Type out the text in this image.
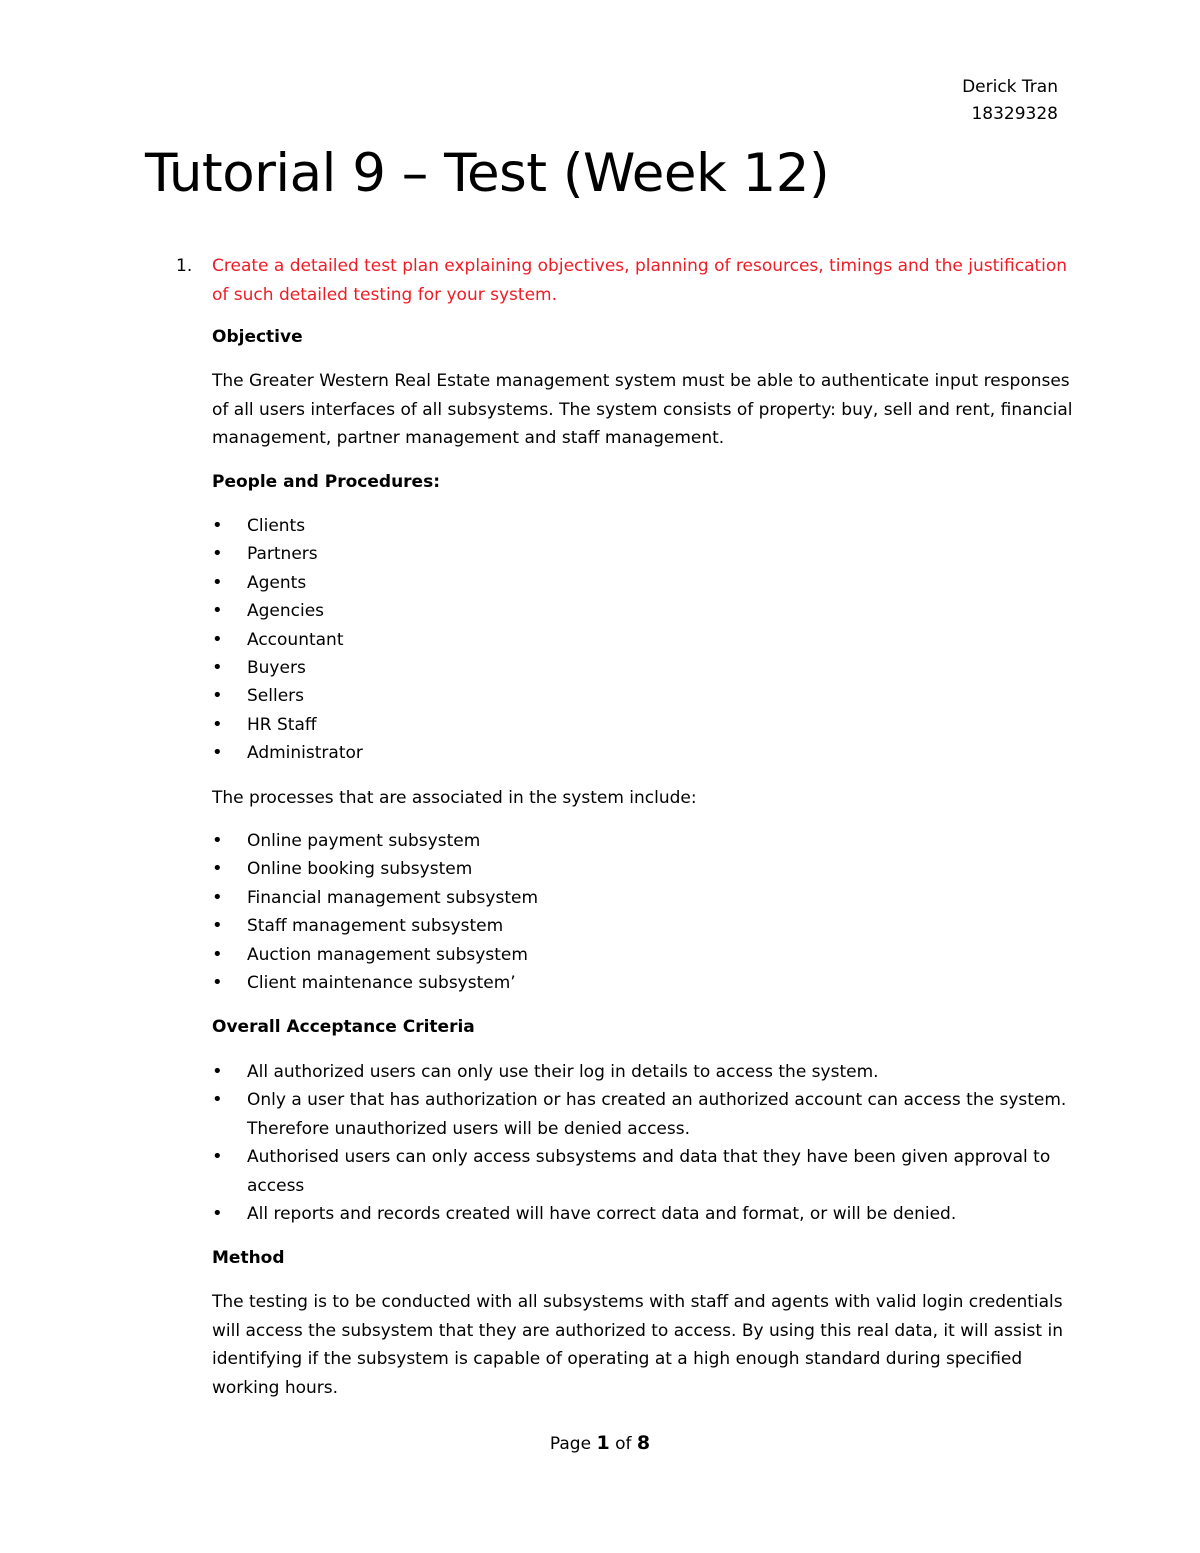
Derick Tran
18329328
Tutorial 9 – Test (Week 12)
1. Create a detailed test plan explaining objectives, planning of resources, timings and the justification of such detailed testing for your system.

Objective

The Greater Western Real Estate management system must be able to authenticate input responses of all users interfaces of all subsystems. The system consists of property: buy, sell and rent, financial management, partner management and staff management.

People and Procedures:
• Clients
• Partners
• Agents
• Agencies
• Accountant
• Buyers
• Sellers
• HR Staff
• Administrator

The processes that are associated in the system include:

• Online payment subsystem
• Online booking subsystem
• Financial management subsystem
• Staff management subsystem
• Auction management subsystem
• Client maintenance subsystem’
Overall Acceptance Criteria
• All authorized users can only use their log in details to access the system.
• Only a user that has authorization or has created an authorized account can access the system. Therefore unauthorized users will be denied access.
• Authorised users can only access subsystems and data that they have been given approval to access
• All reports and records created will have correct data and format, or will be denied.
Method

The testing is to be conducted with all subsystems with staff and agents with valid login credentials will access the subsystem that they are authorized to access. By using this real data, it will assist in identifying if the subsystem is capable of operating at a high enough standard during specified working hours.

Page 1 of 8
